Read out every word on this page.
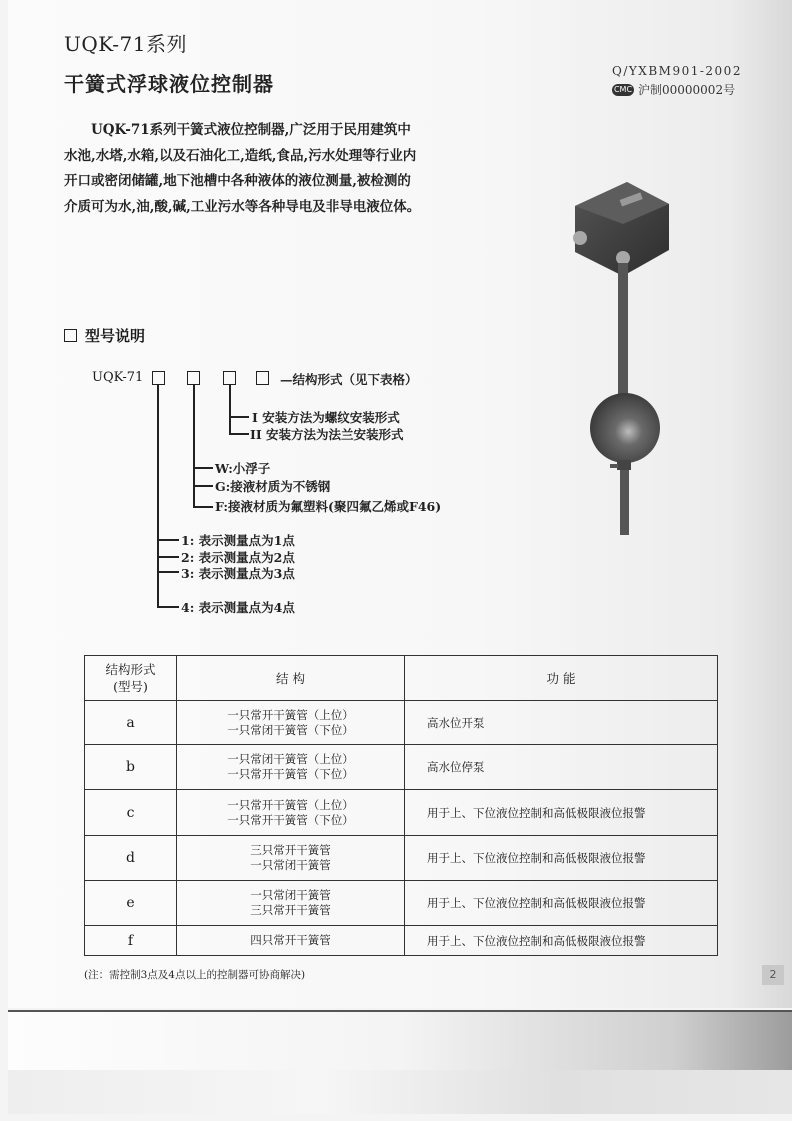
UQK-71系列
干簧式浮球液位控制器
Q/YXBM901-2002
CMC 沪制00000002号

UQK-71系列干簧式液位控制器,广泛用于民用建筑中

水池,水塔,水箱,以及石油化工,造纸,食品,污水处理等行业内

开口或密闭储罐,地下池槽中各种液体的液位测量,被检测的

介质可为水,油,酸,碱,工业污水等各种导电及非导电液位体。

型号说明
UQK-71	—结构形式（见下表格）
I 安装方法为螺纹安装形式
II 安装方法为法兰安装形式
W:小浮子
G:接液材质为不锈钢
F:接液材质为氟塑料(聚四氟乙烯或F46)
1: 表示测量点为1点
2: 表示测量点为2点
3: 表示测量点为3点
4: 表示测量点为4点
结构形式
(型号)	结 构	功 能
a	一只常开干簧管（上位）
一只常闭干簧管（下位）	高水位开泵
b	一只常闭干簧管（上位）
一只常开干簧管（下位）	高水位停泵
c	一只常开干簧管（上位）
一只常开干簧管（下位）	用于上、下位液位控制和高低极限液位报警
d	三只常开干簧管
一只常闭干簧管	用于上、下位液位控制和高低极限液位报警
e	一只常闭干簧管
三只常开干簧管	用于上、下位液位控制和高低极限液位报警
f	四只常开干簧管	用于上、下位液位控制和高低极限液位报警
(注：需控制3点及4点以上的控制器可协商解决)	2
